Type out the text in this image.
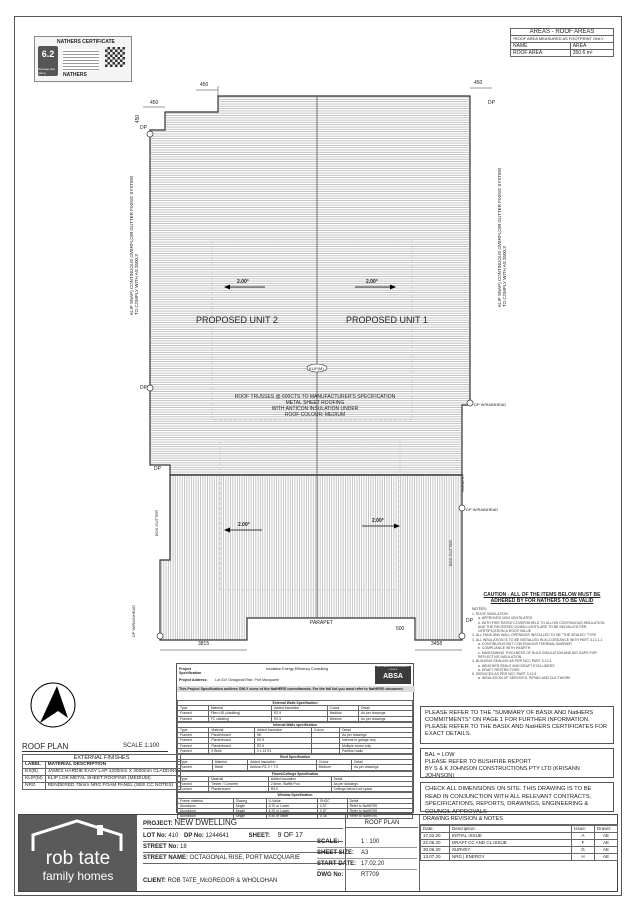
NATHERS CERTIFICATE
6.2
Average star rating	NATHERS
AREAS - ROOF AREAS	
*ROOF AREA MEASURED AS FOOTPRINT ONLY	
NAME	AREA
ROOF AREA	350.6 m²
PROPOSED UNIT 2	PROPOSED UNIT 1
2.00°	2.00°
2.00°
2.00°
KLIP(M)
ROOF TRUSSES @ 600CTS TO MANUFACTURER'S SPECIFICATION
METAL SHEET ROOFING
WITH ANTICON INSULATION UNDER
ROOF COLOUR: MEDIUM
KLIP SNAP) CONTINUOUS OVERFLOW GUTTER FIXING SYSTEM TO COMPLY WITH AS 3500.3	KLIP SNAP) CONTINUOUS OVERFLOW GUTTER FIXING SYSTEM TO COMPLY WITH AS 3500.3
450	450
450
450
DP
DP
DP
DP
DP
DP W/RAINHEAD
DP W/RAINHEAD
DP W/RAINHEAD	PARAPET
PARAPET
BOX GUTTER
BOX GUTTER
3815	3458
500
CAUTION - ALL OF THE ITEMS BELOW MUST BE ADHERED BY FOR NATHERS TO BE VALID
NOTES:
1. ROOF INSULATION
a. APPROVED NON VENTILATED
b. WITH FIRE RATED COVER/SHIELD TO ALLOW CONTINUOUS INSULATION AND THE RECESSED DOWN LIGHTS ARE TO BE INSTALLED PER CERTIFICATION & ROOF VALUE
2. ALL FANS AND WALL OPENINGS INSTALLED TO BE "THE SEALED" TYPE
3. ALL INSULATION IS TO BE INSTALLED IN ACCORDANCE WITH PART 3.12.1.1
a. CONTINUOUS BUT CONTINUOUS THERMAL BARRIER
b. COMPLIANCE WITH HEARTH
c. MAINTAINING THICKNESS OF BULK INSULATION AND AIR GAPS FOR REFLECTIVE INSULATION
4. BUILDING SEALING AS PER NCC PART 3.12.3
a. WEATHER SEALS AND DRAFT EXCLUDERS
b. DRAFT RESTRICTORS
5. SERVICES AS PER NCC PART 3.12.5
a. INSULATION OF SERVICES, PIPING AND DUCTWORK
Project Specification
Insulation Energy Efficiency Consulting
Project Address: Lot 410 Octagonal Rise, Port Macquarie
AUSTRALIAN BUILDING ENERGY COUNCIL
ABSA
This Project Specification outlines ONLY some of the NatHERS commitments. For the full list you must refer to NatHERS document.
External Walls Specification				
Type	Material	Added Insulation	Colour	Detail
Framed	Fibro HD (cladding)	R2.5	Medium	As per drawings
Framed	FC cladding	R2.5	Medium	As per drawings
Internal Walls specification				
Type	Material	Added Insulation	Colour	Detail
Framed	Plasterboard	Nil		As per drawings
Framed	Plasterboard	R2.5		Internal to garage only
Framed	Plasterboard	R2.5		Multiple zones only
Framed	5 Brick	2 x 13 R1		Partition walls
Roof Specification				
Type	Material	Added Insulation	Colour	Detail
Framed	Metal	Anticon R1.3 + 7.0	Medium	As per drawings
Floors/Ceilings Specification			
Type	Material	Added Insulation	Detail
Framed	Timber / Concrete	2.5mm, Waffle Pod	As per drawings
Contact	Plasterboard	R4.0	Ceilings below roof space
Window Specification				
Frame material	Glazing	U-Value	SHGC	Detail
Aluminium	Single	6.70 or Lower	0.57	Refer to NatHERS
Aluminium	Single	6.70 or Lower	0.57	Refer to NatHERS
Aluminium	Single	6.40 or lower	0.46	Refer to NatHERS
PLEASE REFER TO THE "SUMMARY OF BASIX AND NatHERS COMMITMENTS" ON PAGE 1 FOR FURTHER INFORMATION. PLEASE REFER TO THE BASIX AND NatHERS CERTIFICATES FOR EXACT DETAILS.
BAL = LOW
PLEASE REFER TO BUSHFIRE REPORT
BY S & K JOHNSON CONSTRUCTIONS PTY LTD (KRISANN JOHNSON)
CHECK ALL DIMENSIONS ON SITE. THIS DRAWING IS TO BE READ IN CONJUNCTION WITH ALL RELEVANT CONTRACTS, SPECIFICATIONS, REPORTS, DRAWINGS, ENGINEERING & COUNCIL APPROVALS
ROOF PLAN	SCALE 1:100
EXTERNAL FINISHES	
LABEL	MATERIAL DESCRIPTION
EX(B)	JAMES HARDIE EASY LAP 1200mm X 3000mm CLADDING
KLIP(M)	KLIP LOK METAL SHEET ROOFING (MEDIUM)
NRG	RENDERED 75mm NRG FOAM PANEL (SEE CC NOTES)
rob tate
family homes
PROJECT: NEW DWELLING
LOT No: 410 DP No: 1244641	SHEET: 9 OF 17
STREET No: 18
STREET NAME: OCTAGONAL RISE, PORT MACQUARIE
CLIENT: ROB TATE_McGREGOR & WHOLOHAN
ROOF PLAN
SCALE:	1 : 100
SHEET SIZE: A3
START DATE: 17.02.20
DWG No:	RT709
DRAWING REVISION & NOTES
Date:	Description:	Issue:	Drawn:
17.02.20	INITIAL ISSUE	A	AE
22.06.20	DRAFT CC AND CL ISSUE	F	AE
30.06.20	SURVEY	G	AE
13.07.20	NRG | ENERGY	H	AE
